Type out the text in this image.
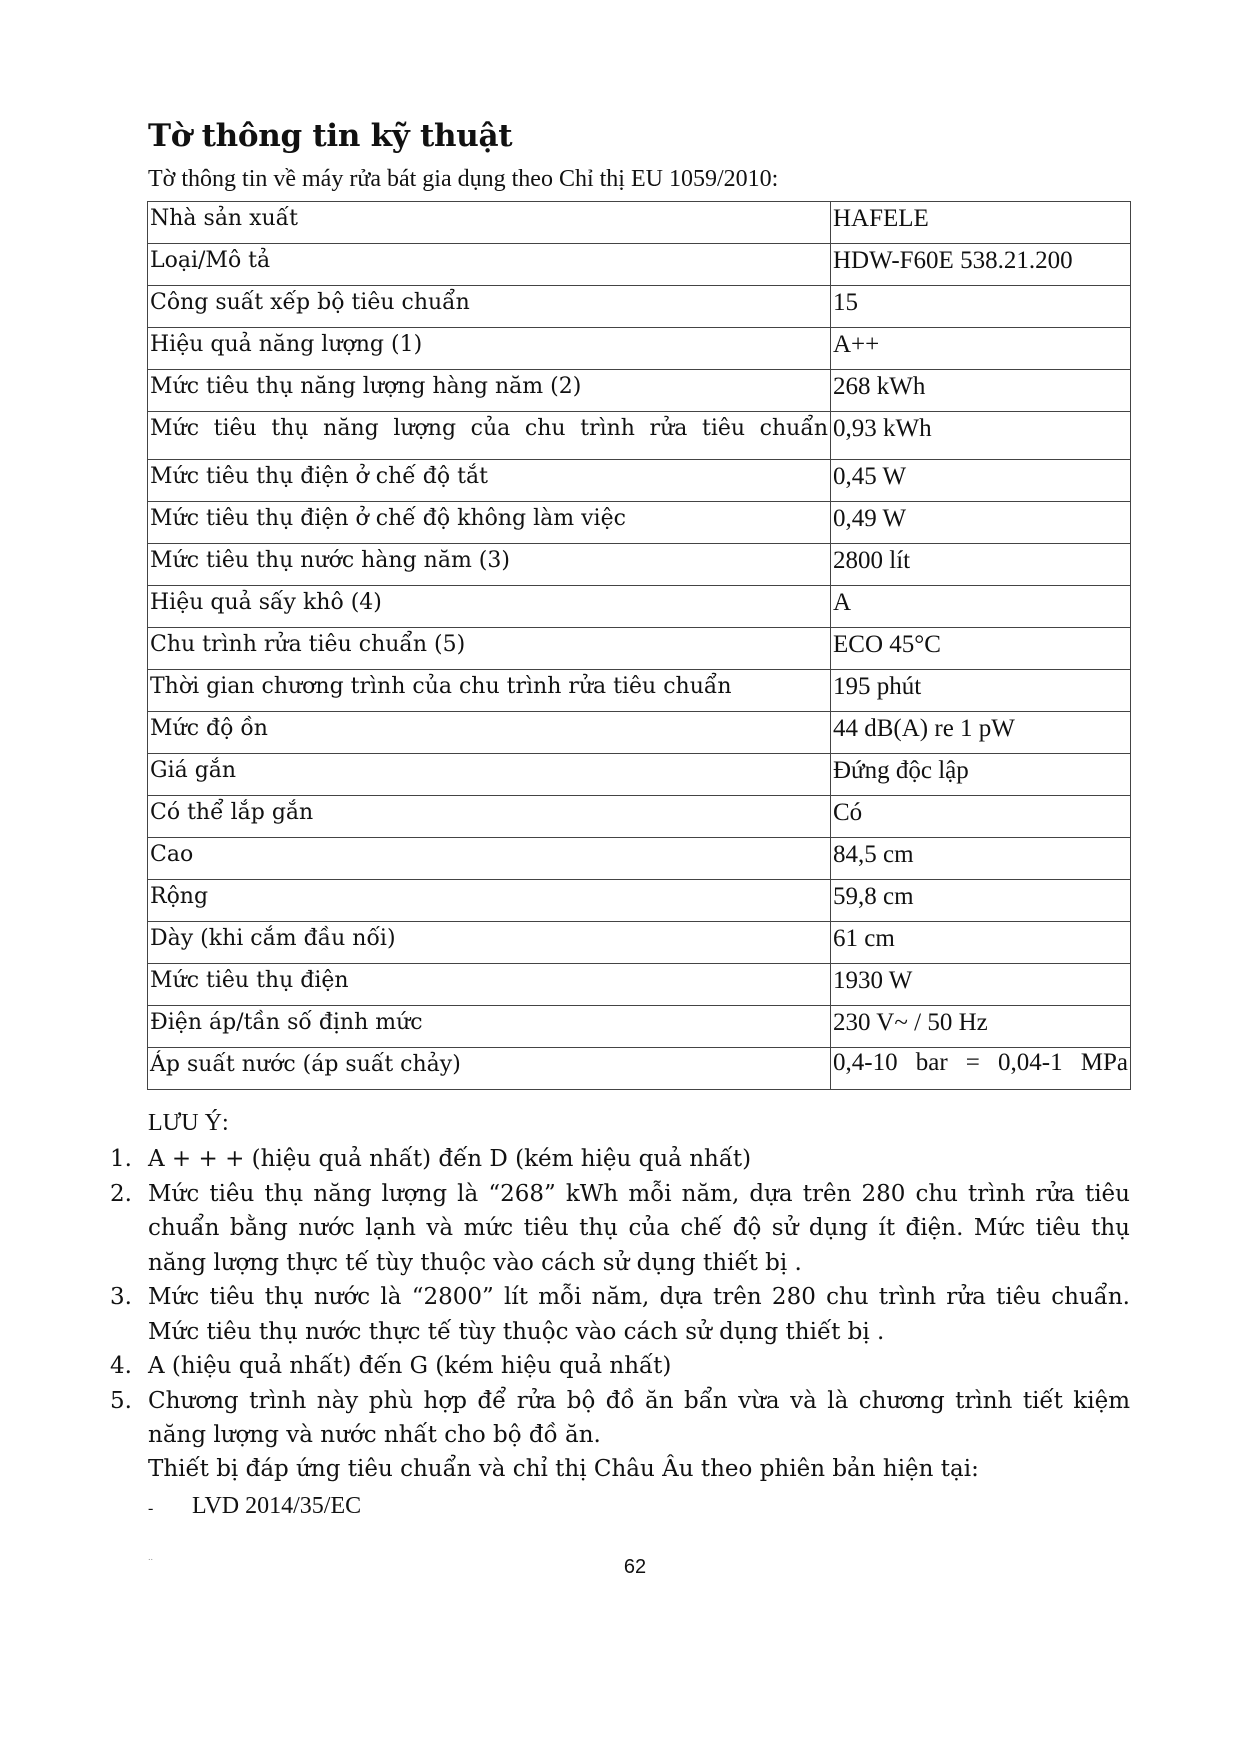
Tờ thông tin kỹ thuật

Tờ thông tin về máy rửa bát gia dụng theo Chỉ thị EU 1059/2010:

Nhà sản xuất	HAFELE
Loại/Mô tả	HDW-F60E 538.21.200
Công suất xếp bộ tiêu chuẩn	15
Hiệu quả năng lượng (1)	A++
Mức tiêu thụ năng lượng hàng năm (2)	268 kWh

Mức tiêu thụ năng lượng của chu trình rửa tiêu chuẩn	0,93 kWh
Mức tiêu thụ điện ở chế độ tắt	0,45 W
Mức tiêu thụ điện ở chế độ không làm việc	0,49 W
Mức tiêu thụ nước hàng năm (3)	2800 lít
Hiệu quả sấy khô (4)	A
Chu trình rửa tiêu chuẩn (5)	ECO 45°C
Thời gian chương trình của chu trình rửa tiêu chuẩn	195 phút
Mức độ ồn	44 dB(A) re 1 pW
Giá gắn	Đứng độc lập
Có thể lắp gắn	Có
Cao	84,5 cm
Rộng	59,8 cm
Dày (khi cắm đầu nối)	61 cm
Mức tiêu thụ điện	1930 W
Điện áp/tần số định mức	230 V~ / 50 Hz
Áp suất nước (áp suất chảy)	0,4-10 bar = 0,04-1 MPa

LƯU Ý:

1. A + + + (hiệu quả nhất) đến D (kém hiệu quả nhất)
2. Mức tiêu thụ năng lượng là “268” kWh mỗi năm, dựa trên 280 chu trình rửa tiêu chuẩn bằng nước lạnh và mức tiêu thụ của chế độ sử dụng ít điện. Mức tiêu thụ năng lượng thực tế tùy thuộc vào cách sử dụng thiết bị .
3. Mức tiêu thụ nước là “2800” lít mỗi năm, dựa trên 280 chu trình rửa tiêu chuẩn. Mức tiêu thụ nước thực tế tùy thuộc vào cách sử dụng thiết bị .
4. A (hiệu quả nhất) đến G (kém hiệu quả nhất)
5. Chương trình này phù hợp để rửa bộ đồ ăn bẩn vừa và là chương trình tiết kiệm năng lượng và nước nhất cho bộ đồ ăn.

Thiết bị đáp ứng tiêu chuẩn và chỉ thị Châu Âu theo phiên bản hiện tại:

- LVD 2014/35/EC

..	62
